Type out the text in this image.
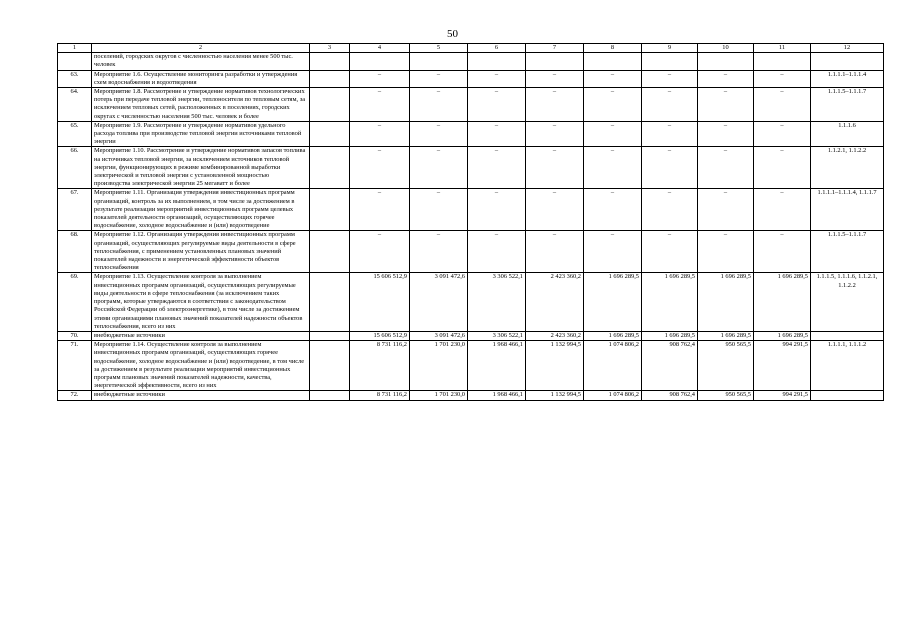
50
1	2	3	4	5	6	7	8	9	10	11	12
	поселений, городских округов с численностью населения менее 500 тыс. человек										
63.	Мероприятие 1.6. Осуществление мониторинга разработки и утверждения схем водоснабжения и водоотведения		–	–	–	–	–	–	–	–	1.1.1.1–1.1.1.4
64.	Мероприятие 1.8. Рассмотрение и утверждение нормативов технологических потерь при передаче тепловой энергии, теплоносителя по тепловым сетям, за исключением тепловых сетей, расположенных в поселениях, городских округах с численностью населения 500 тыс. человек и более		–	–	–	–	–	–	–	–	1.1.1.5–1.1.1.7
65.	Мероприятие 1.9. Рассмотрение и утверждение нормативов удельного расхода топлива при производстве тепловой энергии источниками тепловой энергии		–	–	–	–	–	–	–	–	1.1.1.6
66.	Мероприятие 1.10. Рассмотрение и утверждение нормативов запасов топлива на источниках тепловой энергии, за исключением источников тепловой энергии, функционирующих в режиме комбинированной выработки электрической и тепловой энергии с установленной мощностью производства электрической энергии 25 мегаватт и более		–	–	–	–	–	–	–	–	1.1.2.1, 1.1.2.2
67.	Мероприятие 1.11. Организация утверждения инвестиционных программ организаций, контроль за их выполнением, в том числе за достижением в результате реализации мероприятий инвестиционных программ целевых показателей деятельности организаций, осуществляющих горячее водоснабжение, холодное водоснабжение и (или) водоотведение		–	–	–	–	–	–	–	–	1.1.1.1–1.1.1.4, 1.1.1.7
68.	Мероприятие 1.12. Организация утверждения инвестиционных программ организаций, осуществляющих регулируемые виды деятельности в сфере теплоснабжения, с применением установленных плановых значений показателей надежности и энергетической эффективности объектов теплоснабжения		–	–	–	–	–	–	–	–	1.1.1.5–1.1.1.7
69.	Мероприятие 1.13. Осуществление контроля за выполнением инвестиционных программ организаций, осуществляющих регулируемые виды деятельности в сфере теплоснабжения (за исключением таких программ, которые утверждаются в соответствии с законодательством Российской Федерации об электроэнергетике), в том числе за достижением этими организациями плановых значений показателей надежности объектов теплоснабжения, всего из них		15 606 512,9	3 091 472,6	3 306 522,1	2 423 360,2	1 696 289,5	1 696 289,5	1 696 289,5	1 696 289,5	1.1.1.5, 1.1.1.6, 1.1.2.1, 1.1.2.2
70.	внебюджетные источники		15 606 512,9	3 091 472,6	3 306 522,1	2 423 360,2	1 696 289,5	1 696 289,5	1 696 289,5	1 696 289,5	
71.	Мероприятие 1.14. Осуществление контроля за выполнением инвестиционных программ организаций, осуществляющих горячее водоснабжение, холодное водоснабжение и (или) водоотведение, в том числе за достижением в результате реализации мероприятий инвестиционных программ плановых значений показателей надежности, качества, энергетической эффективности, всего из них		8 731 116,2	1 701 230,0	1 968 466,1	1 132 994,5	1 074 806,2	908 762,4	950 565,5	994 291,5	1.1.1.1, 1.1.1.2
72.	внебюджетные источники		8 731 116,2	1 701 230,0	1 968 466,1	1 132 994,5	1 074 806,2	908 762,4	950 565,5	994 291,5	
